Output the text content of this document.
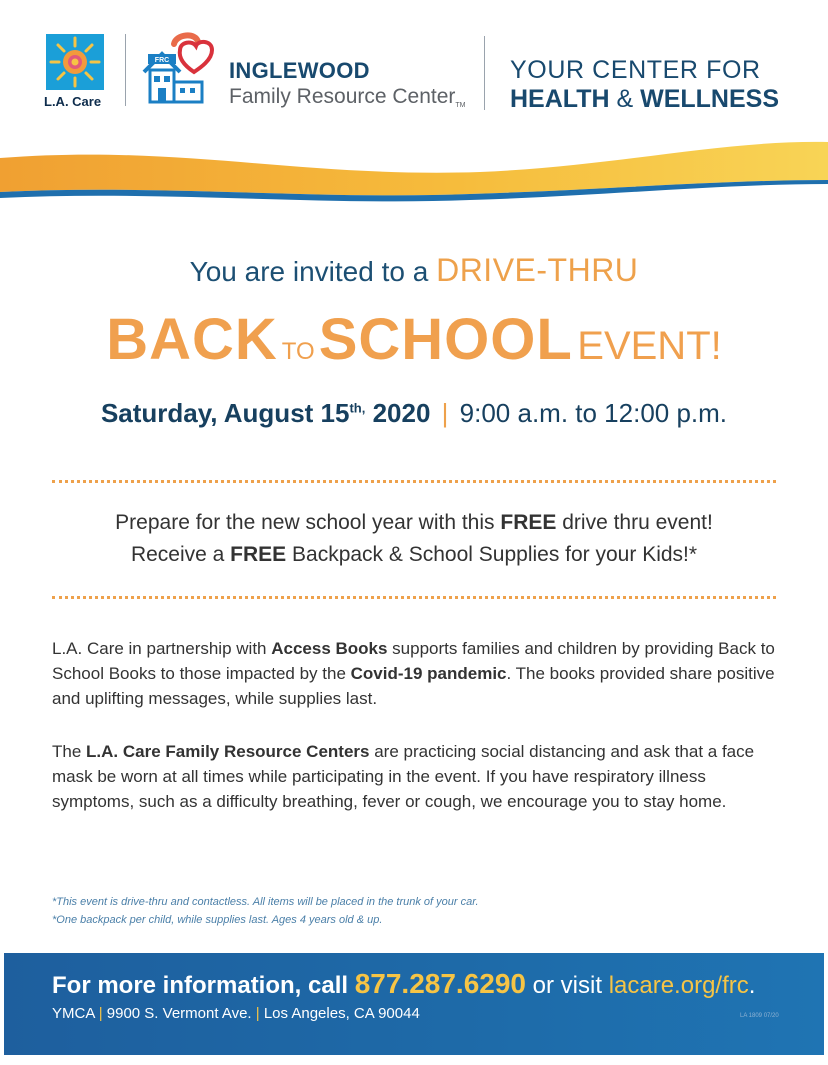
L.A. Care
FRC	INGLEWOOD
Family Resource CenterTM
YOUR CENTER FOR
HEALTH & WELLNESS
You are invited to a DRIVE-THRU
BACK TOSCHOOL EVENT!
Saturday, August $15^{th,}$ 2020 | 9:00 a.m. to 12:00 p.m.
Prepare for the new school year with this FREE drive thru event!
Receive a FREE Backpack & School Supplies for your Kids!*
L.A. Care in partnership with Access Books supports families and children by providing Back to School Books to those impacted by the Covid-19 pandemic. The books provided share positive and uplifting messages, while supplies last.
The L.A. Care Family Resource Centers are practicing social distancing and ask that a face mask be worn at all times while participating in the event. If you have respiratory illness symptoms, such as a difficulty breathing, fever or cough, we encourage you to stay home.
*This event is drive-thru and contactless. All items will be placed in the trunk of your car.
*One backpack per child, while supplies last. Ages 4 years old & up.
For more information, call 877.287.6290 or visit lacare.org/frc.
YMCA | 9900 S. Vermont Ave. | Los Angeles, CA 90044	LA 1809 07/20
